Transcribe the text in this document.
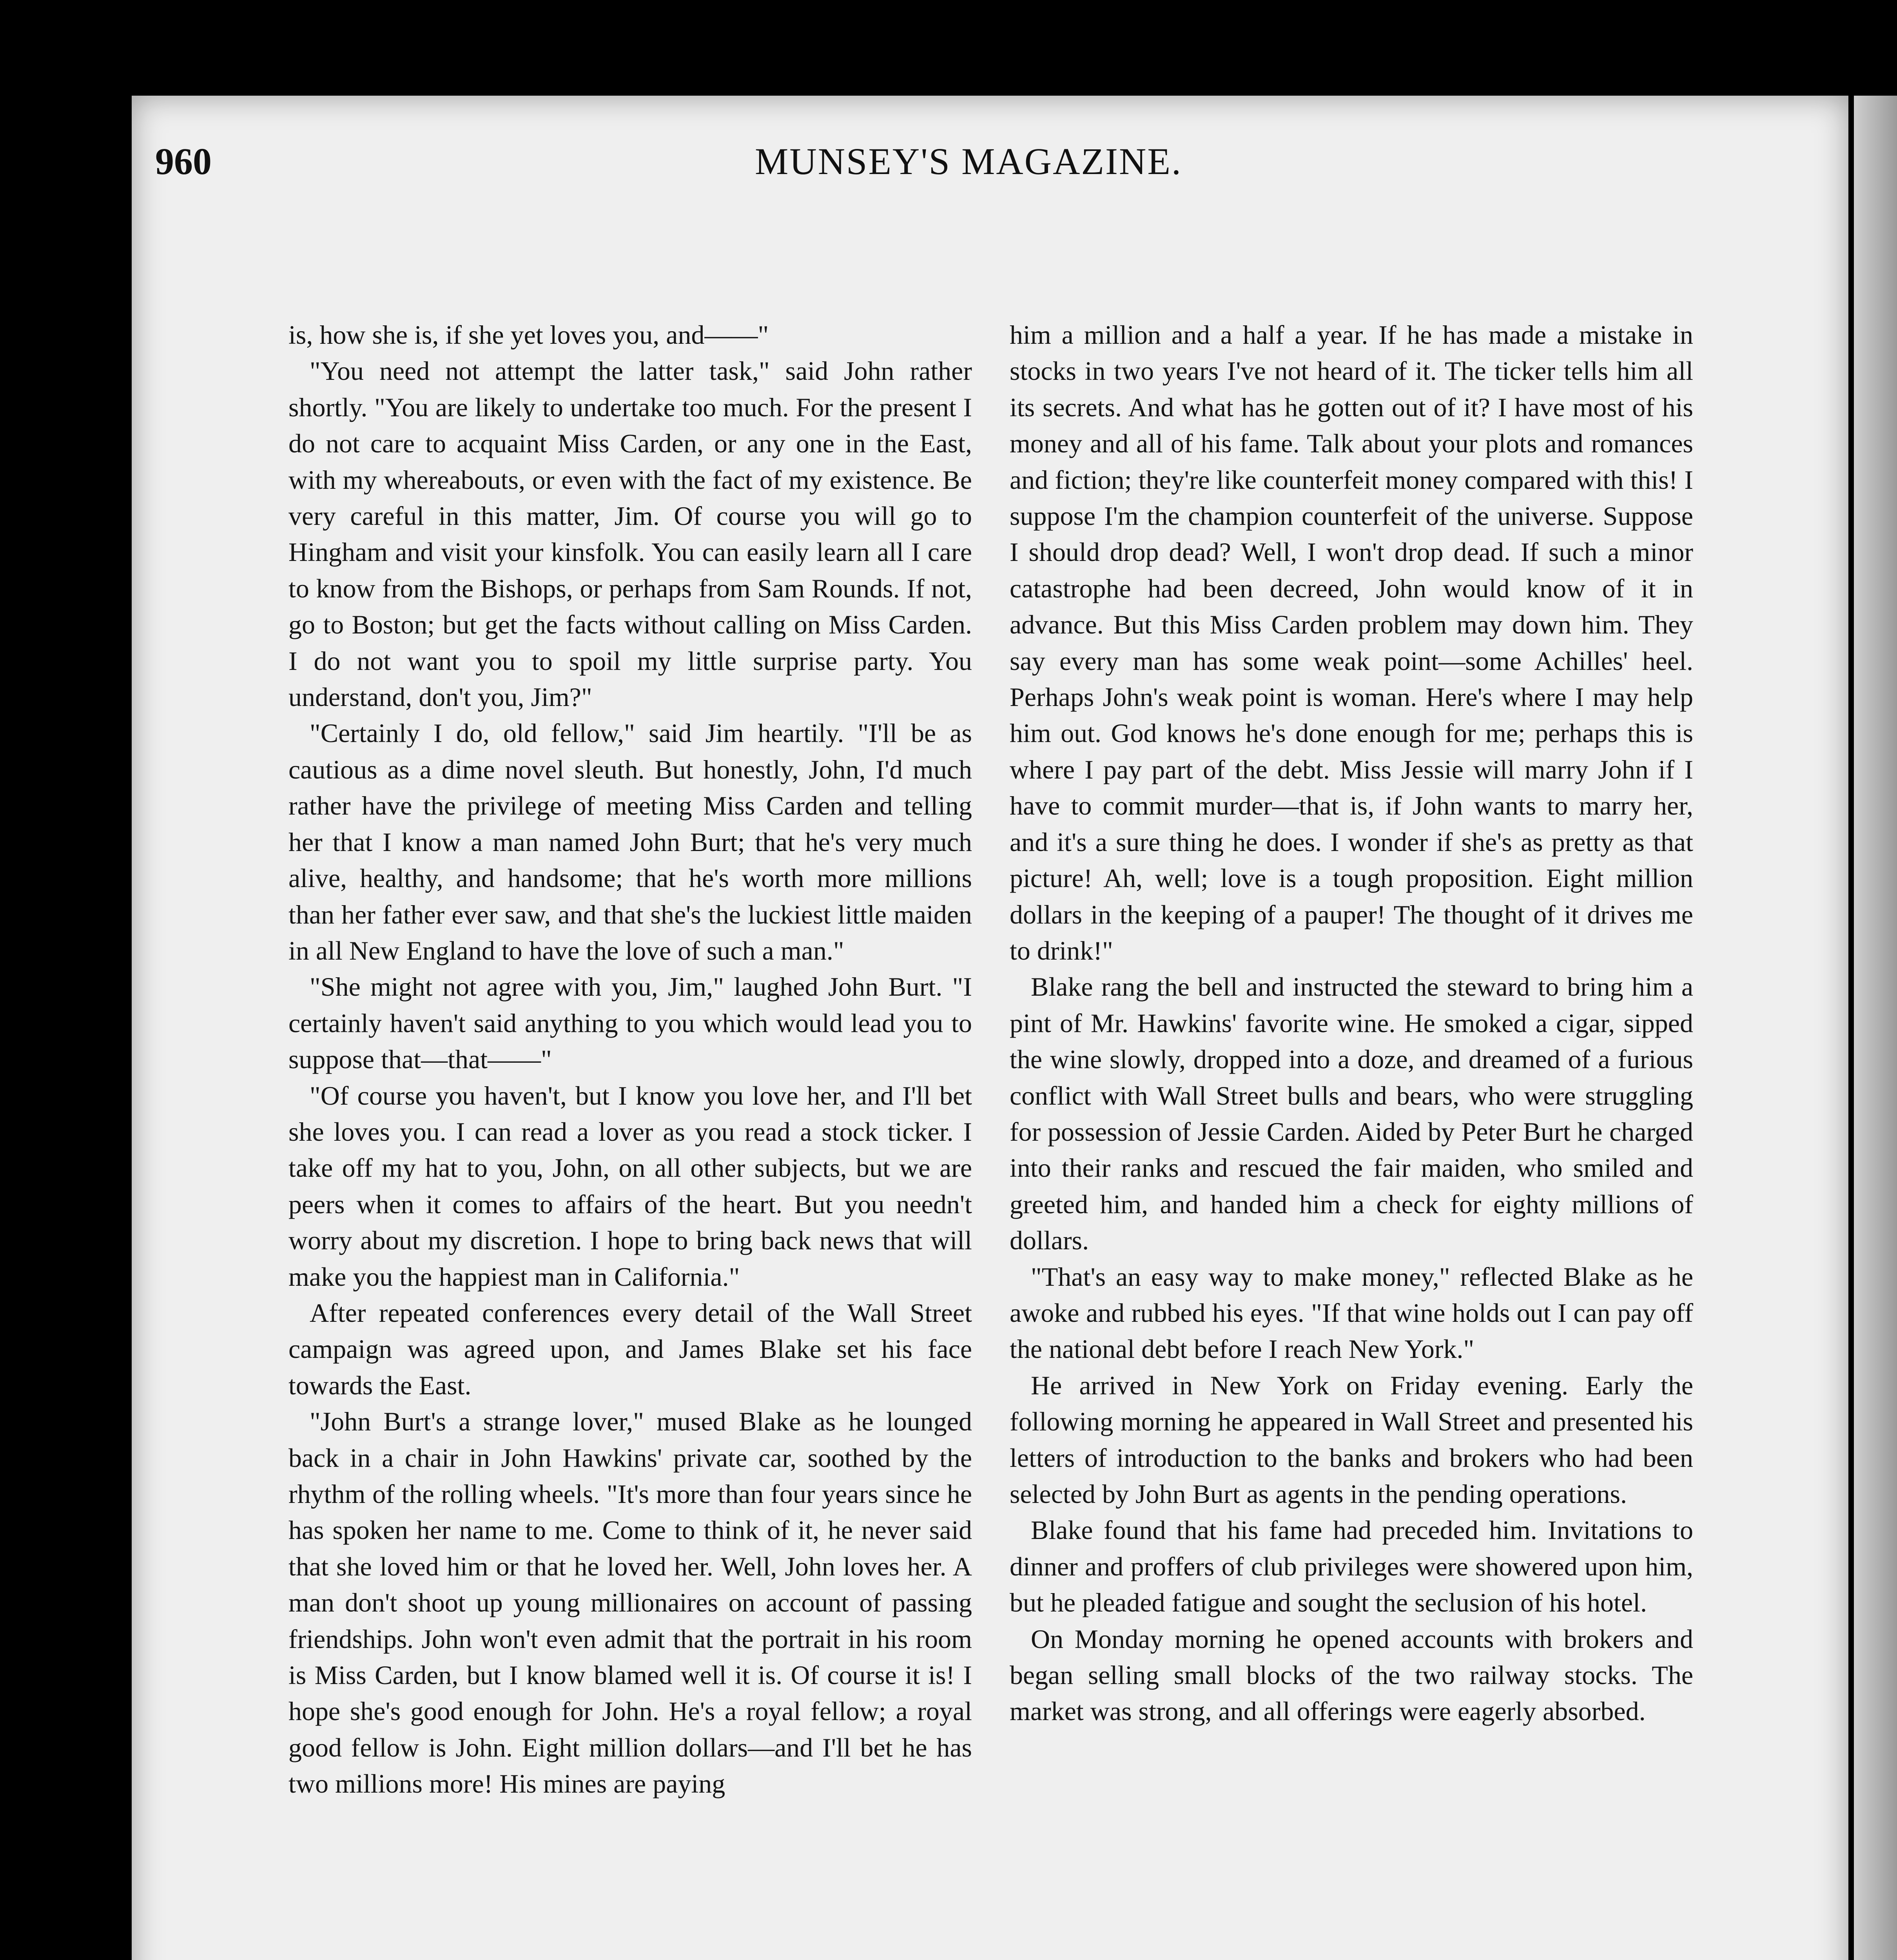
960	MUNSEY'S MAGAZINE.

is, how she is, if she yet loves you, and——"

"You need not attempt the latter task," said John rather shortly. "You are likely to undertake too much. For the present I do not care to acquaint Miss Carden, or any one in the East, with my whereabouts, or even with the fact of my existence. Be very careful in this matter, Jim. Of course you will go to Hingham and visit your kinsfolk. You can easily learn all I care to know from the Bishops, or perhaps from Sam Rounds. If not, go to Boston; but get the facts without calling on Miss Carden. I do not want you to spoil my little surprise party. You understand, don't you, Jim?"

"Certainly I do, old fellow," said Jim heartily. "I'll be as cautious as a dime novel sleuth. But honestly, John, I'd much rather have the privilege of meeting Miss Carden and telling her that I know a man named John Burt; that he's very much alive, healthy, and handsome; that he's worth more millions than her father ever saw, and that she's the luckiest little maiden in all New England to have the love of such a man."

"She might not agree with you, Jim," laughed John Burt. "I certainly haven't said anything to you which would lead you to suppose that—that——"

"Of course you haven't, but I know you love her, and I'll bet she loves you. I can read a lover as you read a stock ticker. I take off my hat to you, John, on all other subjects, but we are peers when it comes to affairs of the heart. But you needn't worry about my discretion. I hope to bring back news that will make you the happiest man in California."

After repeated conferences every detail of the Wall Street campaign was agreed upon, and James Blake set his face towards the East.

"John Burt's a strange lover," mused Blake as he lounged back in a chair in John Hawkins' private car, soothed by the rhythm of the rolling wheels. "It's more than four years since he has spoken her name to me. Come to think of it, he never said that she loved him or that he loved her. Well, John loves her. A man don't shoot up young millionaires on account of passing friendships. John won't even admit that the portrait in his room is Miss Carden, but I know blamed well it is. Of course it is! I hope she's good enough for John. He's a royal fellow; a royal good fellow is John. Eight million dollars—and I'll bet he has two millions more! His mines are paying

him a million and a half a year. If he has made a mistake in stocks in two years I've not heard of it. The ticker tells him all its secrets. And what has he gotten out of it? I have most of his money and all of his fame. Talk about your plots and romances and fiction; they're like counterfeit money compared with this! I suppose I'm the champion counterfeit of the universe. Suppose I should drop dead? Well, I won't drop dead. If such a minor catastrophe had been decreed, John would know of it in advance. But this Miss Carden problem may down him. They say every man has some weak point—some Achilles' heel. Perhaps John's weak point is woman. Here's where I may help him out. God knows he's done enough for me; perhaps this is where I pay part of the debt. Miss Jessie will marry John if I have to commit murder—that is, if John wants to marry her, and it's a sure thing he does. I wonder if she's as pretty as that picture! Ah, well; love is a tough proposition. Eight million dollars in the keeping of a pauper! The thought of it drives me to drink!"

Blake rang the bell and instructed the steward to bring him a pint of Mr. Hawkins' favorite wine. He smoked a cigar, sipped the wine slowly, dropped into a doze, and dreamed of a furious conflict with Wall Street bulls and bears, who were struggling for possession of Jessie Carden. Aided by Peter Burt he charged into their ranks and rescued the fair maiden, who smiled and greeted him, and handed him a check for eighty millions of dollars.

"That's an easy way to make money," reflected Blake as he awoke and rubbed his eyes. "If that wine holds out I can pay off the national debt before I reach New York."

He arrived in New York on Friday evening. Early the following morning he appeared in Wall Street and presented his letters of introduction to the banks and brokers who had been selected by John Burt as agents in the pending operations.

Blake found that his fame had preceded him. Invitations to dinner and proffers of club privileges were showered upon him, but he pleaded fatigue and sought the seclusion of his hotel.

On Monday morning he opened accounts with brokers and began selling small blocks of the two railway stocks. The market was strong, and all offerings were eagerly absorbed.
